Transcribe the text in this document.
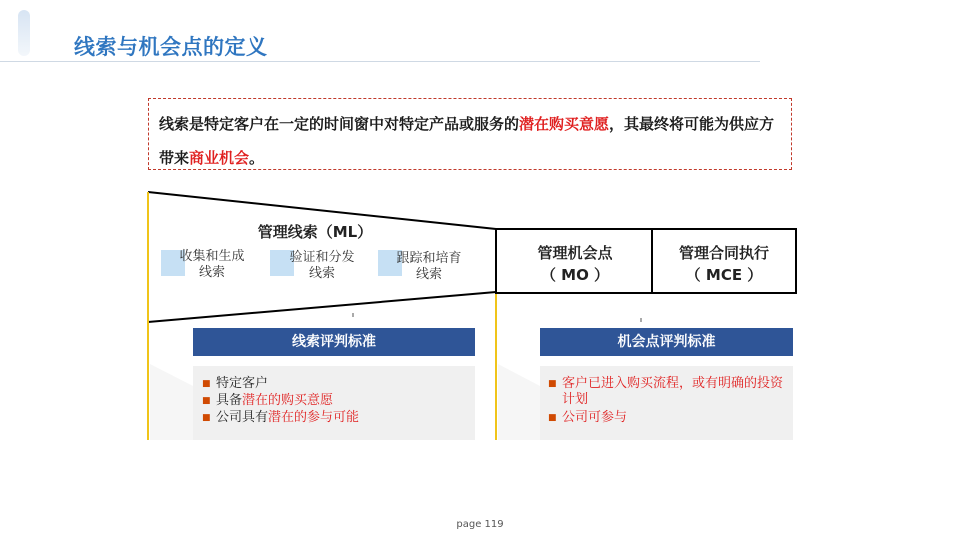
线索与机会点的定义
线索是特定客户在一定的时间窗中对特定产品或服务的潜在购买意愿，其最终将可能为供应方带来商业机会。
管理线索（ML）
收集和生成
线索
验证和分发
线索
跟踪和培育
线索
管理机会点
（ MO ）
管理合同执行
（ MCE ）
线索评判标准
■ 特定客户
■ 具备潜在的购买意愿
■ 公司具有潜在的参与可能
机会点评判标准
■ 客户已进入购买流程，或有明确的投资计划
■ 公司可参与
page 119
